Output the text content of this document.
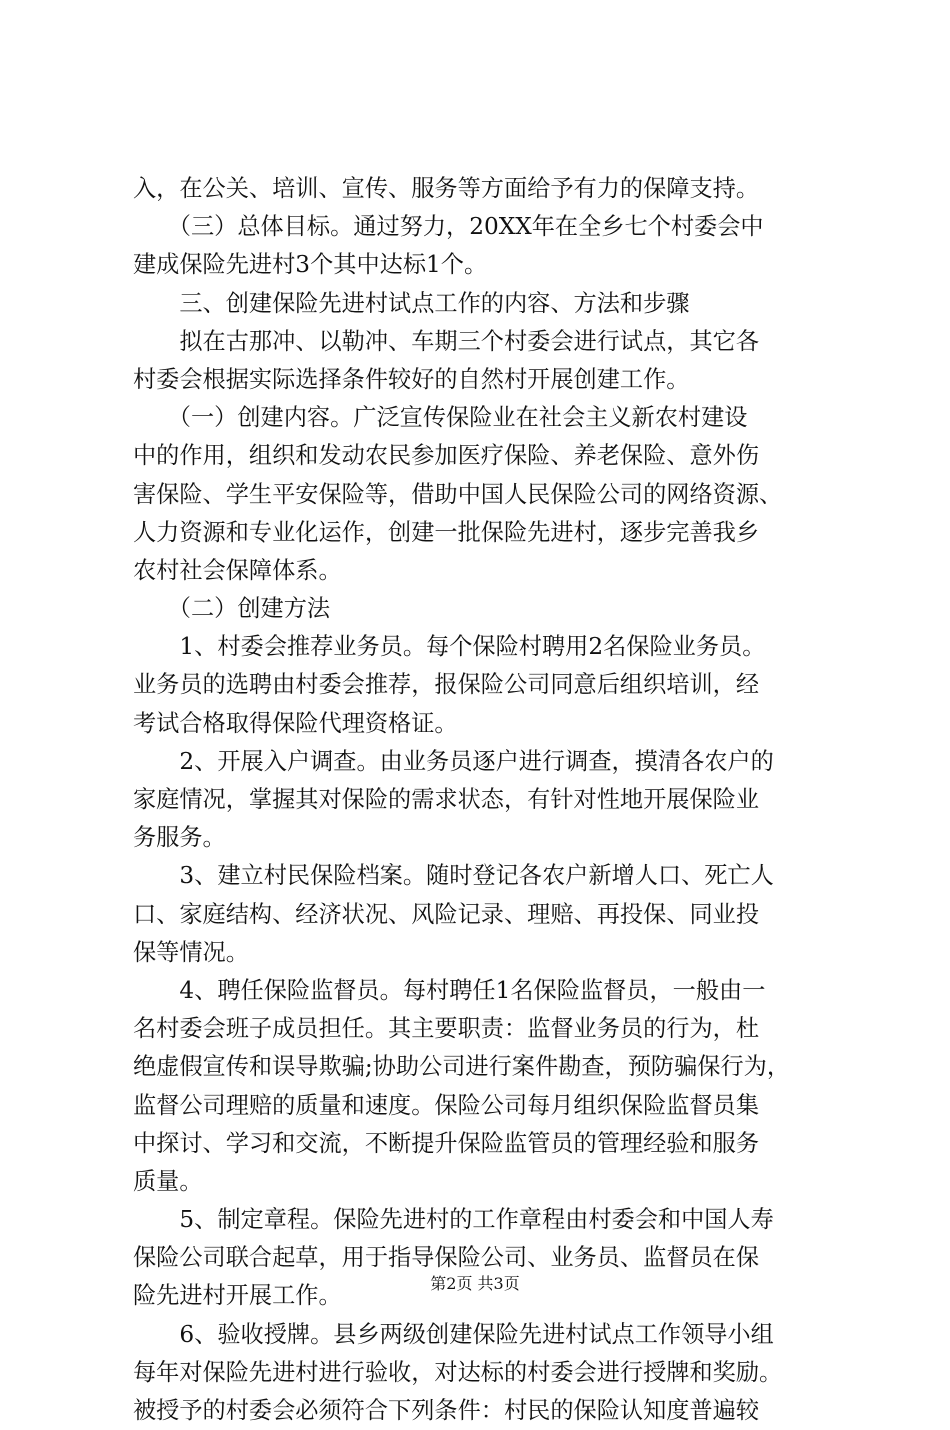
入，在公关、培训、宣传、服务等方面给予有力的保障支持。
　　（三）总体目标。通过努力，20XX年在全乡七个村委会中
建成保险先进村3个其中达标1个。
　　三、创建保险先进村试点工作的内容、方法和步骤
　　拟在古那冲、以勒冲、车期三个村委会进行试点，其它各
村委会根据实际选择条件较好的自然村开展创建工作。
　　（一）创建内容。广泛宣传保险业在社会主义新农村建设
中的作用，组织和发动农民参加医疗保险、养老保险、意外伤
害保险、学生平安保险等，借助中国人民保险公司的网络资源、
人力资源和专业化运作，创建一批保险先进村，逐步完善我乡
农村社会保障体系。
　　（二）创建方法
　　1、村委会推荐业务员。每个保险村聘用2名保险业务员。
业务员的选聘由村委会推荐，报保险公司同意后组织培训，经
考试合格取得保险代理资格证。
　　2、开展入户调查。由业务员逐户进行调查，摸清各农户的
家庭情况，掌握其对保险的需求状态，有针对性地开展保险业
务服务。
　　3、建立村民保险档案。随时登记各农户新增人口、死亡人
口、家庭结构、经济状况、风险记录、理赔、再投保、同业投
保等情况。
　　4、聘任保险监督员。每村聘任1名保险监督员，一般由一
名村委会班子成员担任。其主要职责：监督业务员的行为，杜
绝虚假宣传和误导欺骗;协助公司进行案件勘查，预防骗保行为，
监督公司理赔的质量和速度。保险公司每月组织保险监督员集
中探讨、学习和交流，不断提升保险监管员的管理经验和服务
质量。
　　5、制定章程。保险先进村的工作章程由村委会和中国人寿
保险公司联合起草，用于指导保险公司、业务员、监督员在保
险先进村开展工作。
　　6、验收授牌。县乡两级创建保险先进村试点工作领导小组
每年对保险先进村进行验收，对达标的村委会进行授牌和奖励。
被授予的村委会必须符合下列条件：村民的保险认知度普遍较
第2页 共3页
